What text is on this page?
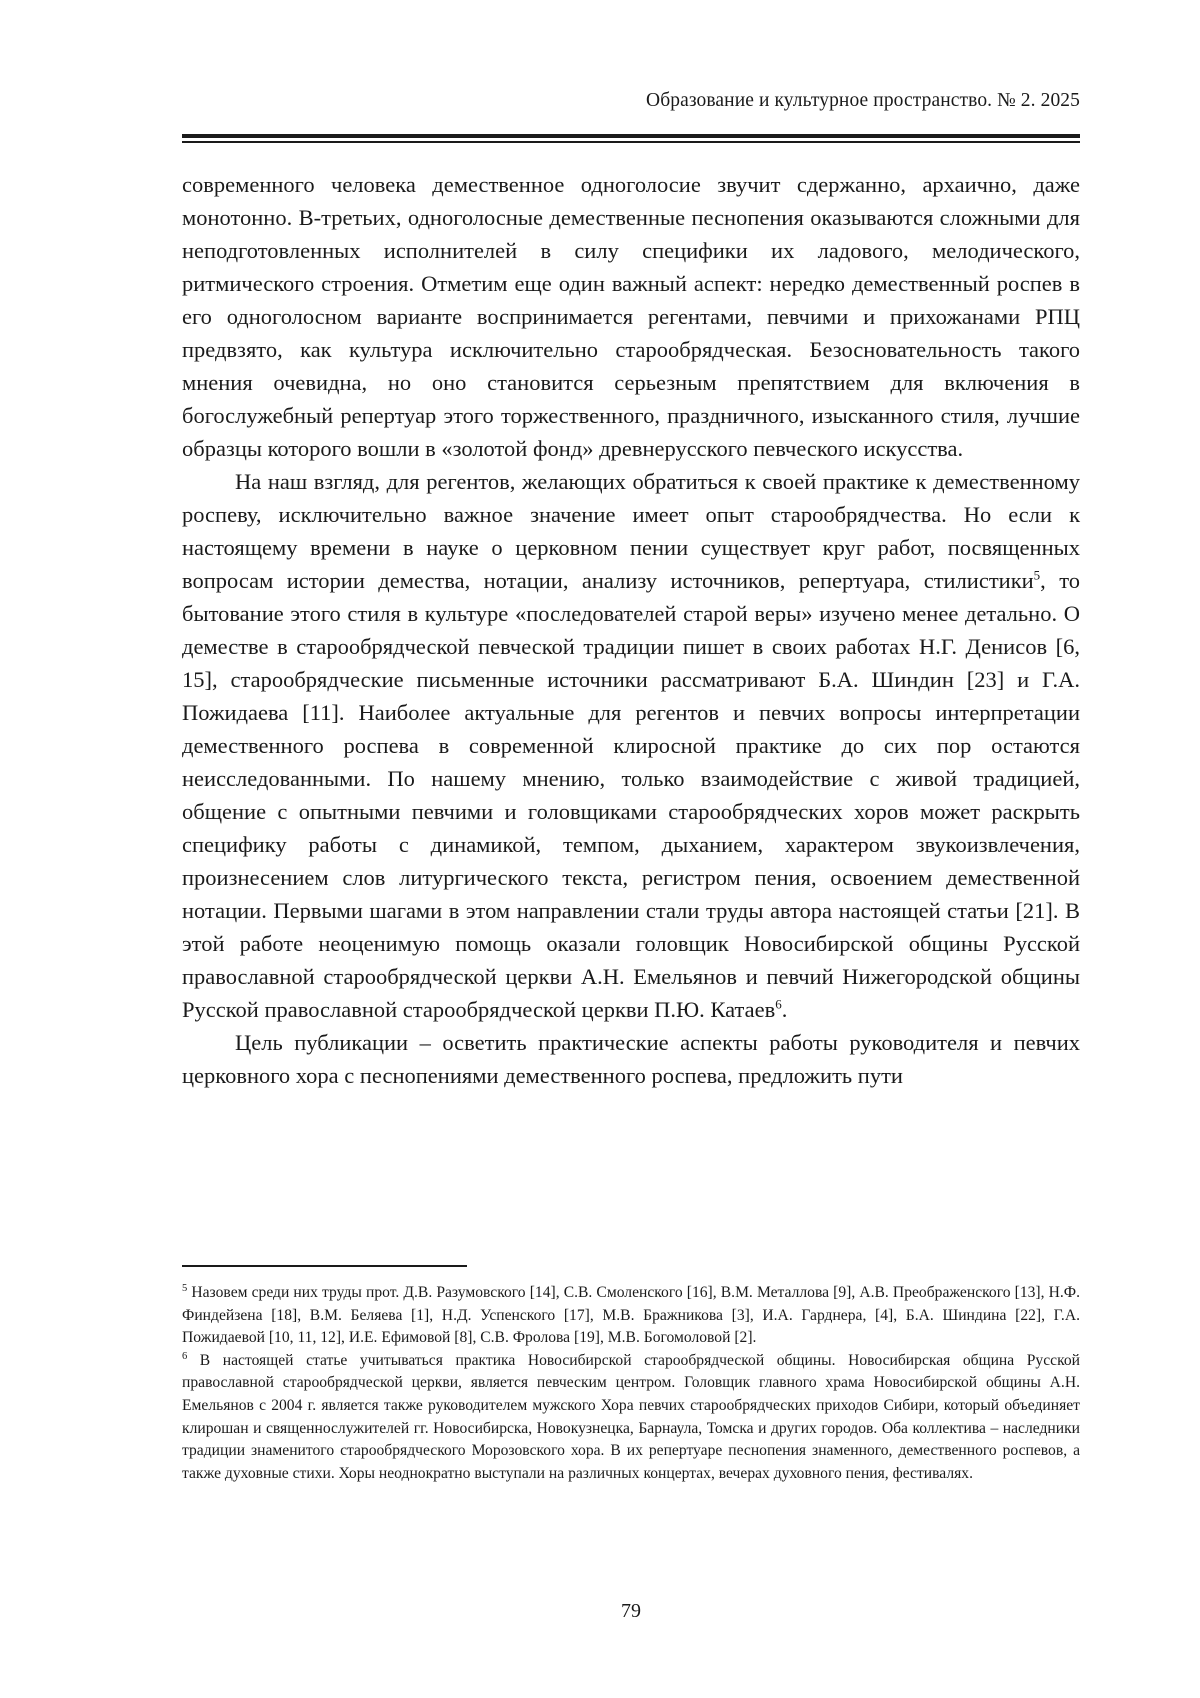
Образование и культурное пространство. № 2. 2025

современного человека демественное одноголосие звучит сдержанно, архаично, даже монотонно. В-третьих, одноголосные демественные песнопения оказываются сложными для неподготовленных исполнителей в силу специфики их ладового, мелодического, ритмического строения. Отметим еще один важный аспект: нередко демественный роспев в его одноголосном варианте воспринимается регентами, певчими и прихожанами РПЦ предвзято, как культура исключительно старообрядческая. Безосновательность такого мнения очевидна, но оно становится серьезным препятствием для включения в богослужебный репертуар этого торжественного, праздничного, изысканного стиля, лучшие образцы которого вошли в «золотой фонд» древнерусского певческого искусства.

На наш взгляд, для регентов, желающих обратиться к своей практике к демественному роспеву, исключительно важное значение имеет опыт старообрядчества. Но если к настоящему времени в науке о церковном пении существует круг работ, посвященных вопросам истории демества, нотации, анализу источников, репертуара, стилистики$^5$, то бытование этого стиля в культуре «последователей старой веры» изучено менее детально. О деместве в старообрядческой певческой традиции пишет в своих работах Н.Г. Денисов [6, 15], старообрядческие письменные источники рассматривают Б.А. Шиндин [23] и Г.А. Пожидаева [11]. Наиболее актуальные для регентов и певчих вопросы интерпретации демественного роспева в современной клиросной практике до сих пор остаются неисследованными. По нашему мнению, только взаимодействие с живой традицией, общение с опытными певчими и головщиками старообрядческих хоров может раскрыть специфику работы с динамикой, темпом, дыханием, характером звукоизвлечения, произнесением слов литургического текста, регистром пения, освоением демественной нотации. Первыми шагами в этом направлении стали труды автора настоящей статьи [21]. В этой работе неоценимую помощь оказали головщик Новосибирской общины Русской православной старообрядческой церкви А.Н. Емельянов и певчий Нижегородской общины Русской православной старообрядческой церкви П.Ю. Катаев$^6$.

Цель публикации – осветить практические аспекты работы руководителя и певчих церковного хора с песнопениями демественного роспева, предложить пути

$^5$ Назовем среди них труды прот. Д.В. Разумовского [14], С.В. Смоленского [16], В.М. Металлова [9], А.В. Преображенского [13], Н.Ф. Финдейзена [18], В.М. Беляева [1], Н.Д. Успенского [17], М.В. Бражникова [3], И.А. Гарднера, [4], Б.А. Шиндина [22], Г.А. Пожидаевой [10, 11, 12], И.Е. Ефимовой [8], С.В. Фролова [19], М.В. Богомоловой [2].

$^6$ В настоящей статье учитываться практика Новосибирской старообрядческой общины. Новосибирская община Русской православной старообрядческой церкви, является певческим центром. Головщик главного храма Новосибирской общины А.Н. Емельянов с 2004 г. является также руководителем мужского Хора певчих старообрядческих приходов Сибири, который объединяет клирошан и священнослужителей гг. Новосибирска, Новокузнецка, Барнаула, Томска и других городов. Оба коллектива – наследники традиции знаменитого старообрядческого Морозовского хора. В их репертуаре песнопения знаменного, демественного роспевов, а также духовные стихи. Хоры неоднократно выступали на различных концертах, вечерах духовного пения, фестивалях.

79
